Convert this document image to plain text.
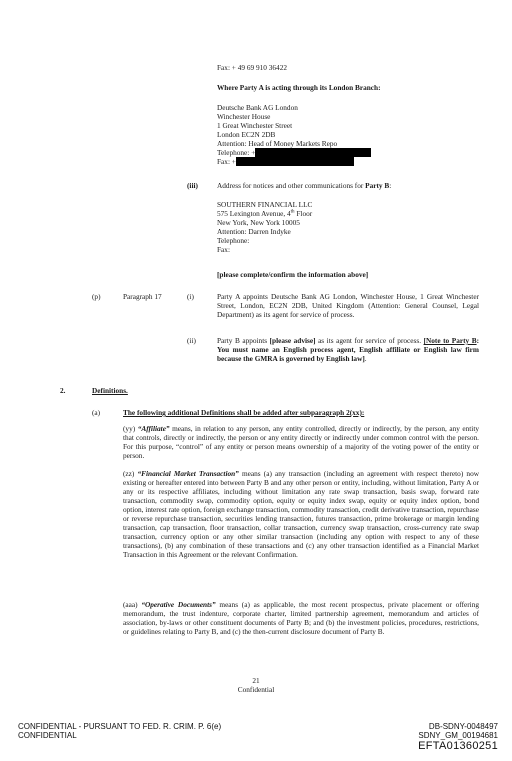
Fax: + 49 69 910 36422
Where Party A is acting through its London Branch:
Deutsche Bank AG London
Winchester House
1 Great Winchester Street
London EC2N 2DB
Attention: Head of Money Markets Repo
Telephone: +
Fax: +
(iii)	Address for notices and other communications for Party B:
SOUTHERN FINANCIAL LLC
575 Lexington Avenue, 4th Floor
New York, New York 10005
Attention: Darren Indyke
Telephone:
Fax:
[please complete/confirm the information above]
(p)	Paragraph 17	(i)	Party A appoints Deutsche Bank AG London, Winchester House, 1 Great Winchester Street, London, EC2N 2DB, United Kingdom (Attention: General Counsel, Legal Department) as its agent for service of process.
(ii)	Party B appoints [please advise] as its agent for service of process. [Note to Party B: You must name an English process agent, English affiliate or English law firm because the GMRA is governed by English law].
2.	Definitions.
(a)	The following additional Definitions shall be added after subparagraph 2(xx):
(yy) “Affiliate” means, in relation to any person, any entity controlled, directly or indirectly, by the person, any entity that controls, directly or indirectly, the person or any entity directly or indirectly under common control with the person. For this purpose, “control” of any entity or person means ownership of a majority of the voting power of the entity or person.
(zz) “Financial Market Transaction” means (a) any transaction (including an agreement with respect thereto) now existing or hereafter entered into between Party B and any other person or entity, including, without limitation, Party A or any or its respective affiliates, including without limitation any rate swap transaction, basis swap, forward rate transaction, commodity swap, commodity option, equity or equity index swap, equity or equity index option, bond option, interest rate option, foreign exchange transaction, commodity transaction, credit derivative transaction, repurchase or reverse repurchase transaction, securities lending transaction, futures transaction, prime brokerage or margin lending transaction, cap transaction, floor transaction, collar transaction, currency swap transaction, cross-currency rate swap transaction, currency option or any other similar transaction (including any option with respect to any of these transactions), (b) any combination of these transactions and (c) any other transaction identified as a Financial Market Transaction in this Agreement or the relevant Confirmation.
(aaa) “Operative Documents” means (a) as applicable, the most recent prospectus, private placement or offering memorandum, the trust indenture, corporate charter, limited partnership agreement, memorandum and articles of association, by-laws or other constituent documents of Party B; and (b) the investment policies, procedures, restrictions, or guidelines relating to Party B, and (c) the then-current disclosure document of Party B.
21
Confidential
CONFIDENTIAL - PURSUANT TO FED. R. CRIM. P. 6(e)
CONFIDENTIAL
DB-SDNY-0048497
SDNY_GM_00194681
EFTA01360251
